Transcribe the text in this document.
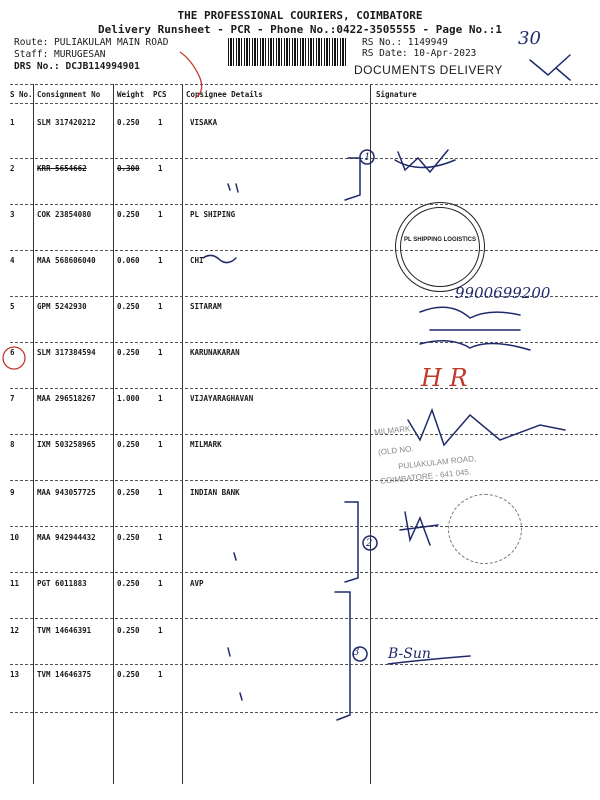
THE PROFESSIONAL COURIERS, COIMBATORE
Delivery Runsheet - PCR - Phone No.:0422-3505555 - Page No.:1
Route: PULIAKULAM MAIN ROAD
Staff: MURUGESAN
DRS No.: DCJB114994901
RS No.: 1149949
RS Date: 10-Apr-2023
DOCUMENTS DELIVERY
S No. Consignment No Weight PCS	Consignee Details	Signature
1	SLM 317420212	0.250 1	VISAKA
2	KRR 5654662	0.300 1
3	COK 23854080	0.250 1	PL SHIPING
4	MAA 568606040	0.060 1	CHI
5	GPM 5242930	0.250 1	SITARAM
6	SLM 317384594	0.250 1	KARUNAKARAN
7	MAA 296518267	1.000 1	VIJAYARAGHAVAN
8	IXM 503258965	0.250 1	MILMARK
9	MAA 943057725	0.250 1	INDIAN BANK
10 MAA 942944432	0.250 1
11 PGT 6011883	0.250 1	AVP
12 TVM 14646391	0.250 1
13 TVM 14646375	0.250 1
PL SHIPPING LOGISTICS
MILMARK
(OLD NO.
PULIAKULAM ROAD,
COIMBATORE - 641 045.
30
9900699200
H R
B-Sun
1
2
3
